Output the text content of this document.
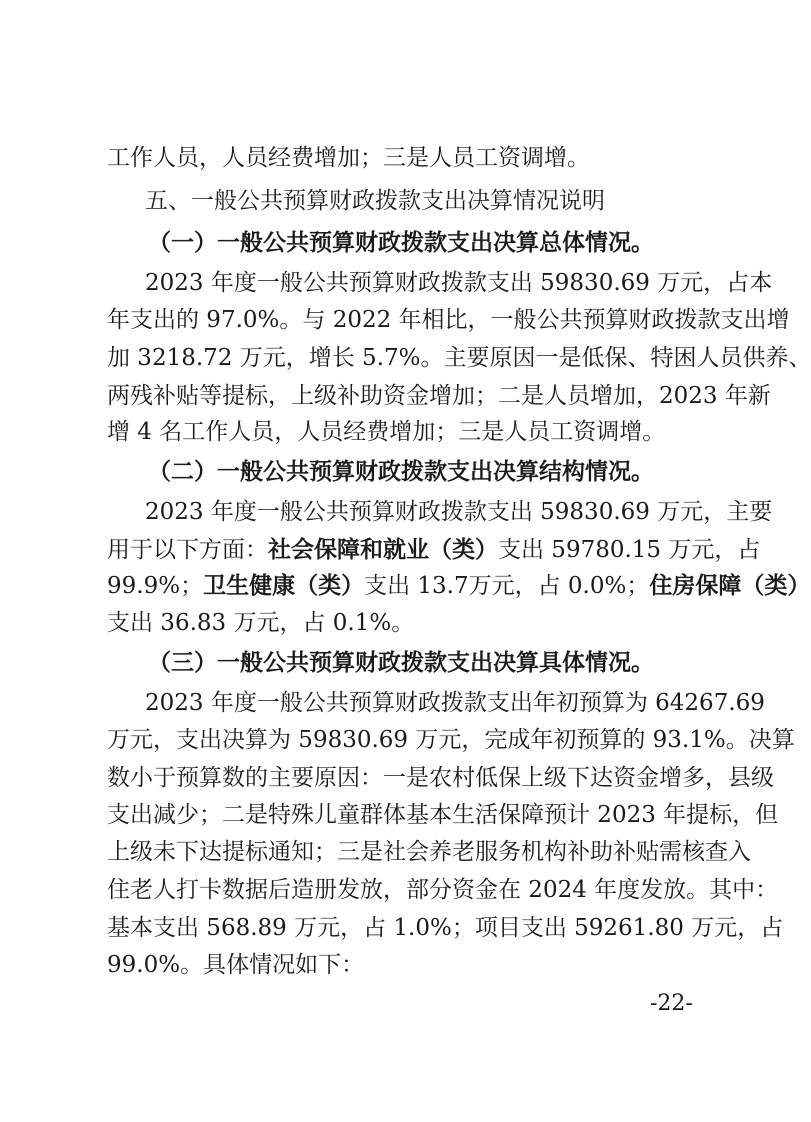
工作人员，人员经费增加；三是人员工资调增。
五、一般公共预算财政拨款支出决算情况说明
（一）一般公共预算财政拨款支出决算总体情况。
2023 年度一般公共预算财政拨款支出 59830.69 万元，占本
年支出的 97.0%。与 2022 年相比，一般公共预算财政拨款支出增
加 3218.72 万元，增长 5.7%。主要原因一是低保、特困人员供养、
两残补贴等提标，上级补助资金增加；二是人员增加，2023 年新
增 4 名工作人员，人员经费增加；三是人员工资调增。
（二）一般公共预算财政拨款支出决算结构情况。
2023 年度一般公共预算财政拨款支出 59830.69 万元，主要
用于以下方面：社会保障和就业（类）支出 59780.15 万元，占
99.9%；卫生健康（类）支出 13.7万元，占 0.0%；住房保障（类）
支出 36.83 万元，占 0.1%。
（三）一般公共预算财政拨款支出决算具体情况。
2023 年度一般公共预算财政拨款支出年初预算为 64267.69
万元，支出决算为 59830.69 万元，完成年初预算的 93.1%。决算
数小于预算数的主要原因：一是农村低保上级下达资金增多，县级
支出减少；二是特殊儿童群体基本生活保障预计 2023 年提标，但
上级未下达提标通知；三是社会养老服务机构补助补贴需核查入
住老人打卡数据后造册发放，部分资金在 2024 年度发放。其中：
基本支出 568.89 万元，占 1.0%；项目支出 59261.80 万元，占
99.0%。具体情况如下：
-22-
